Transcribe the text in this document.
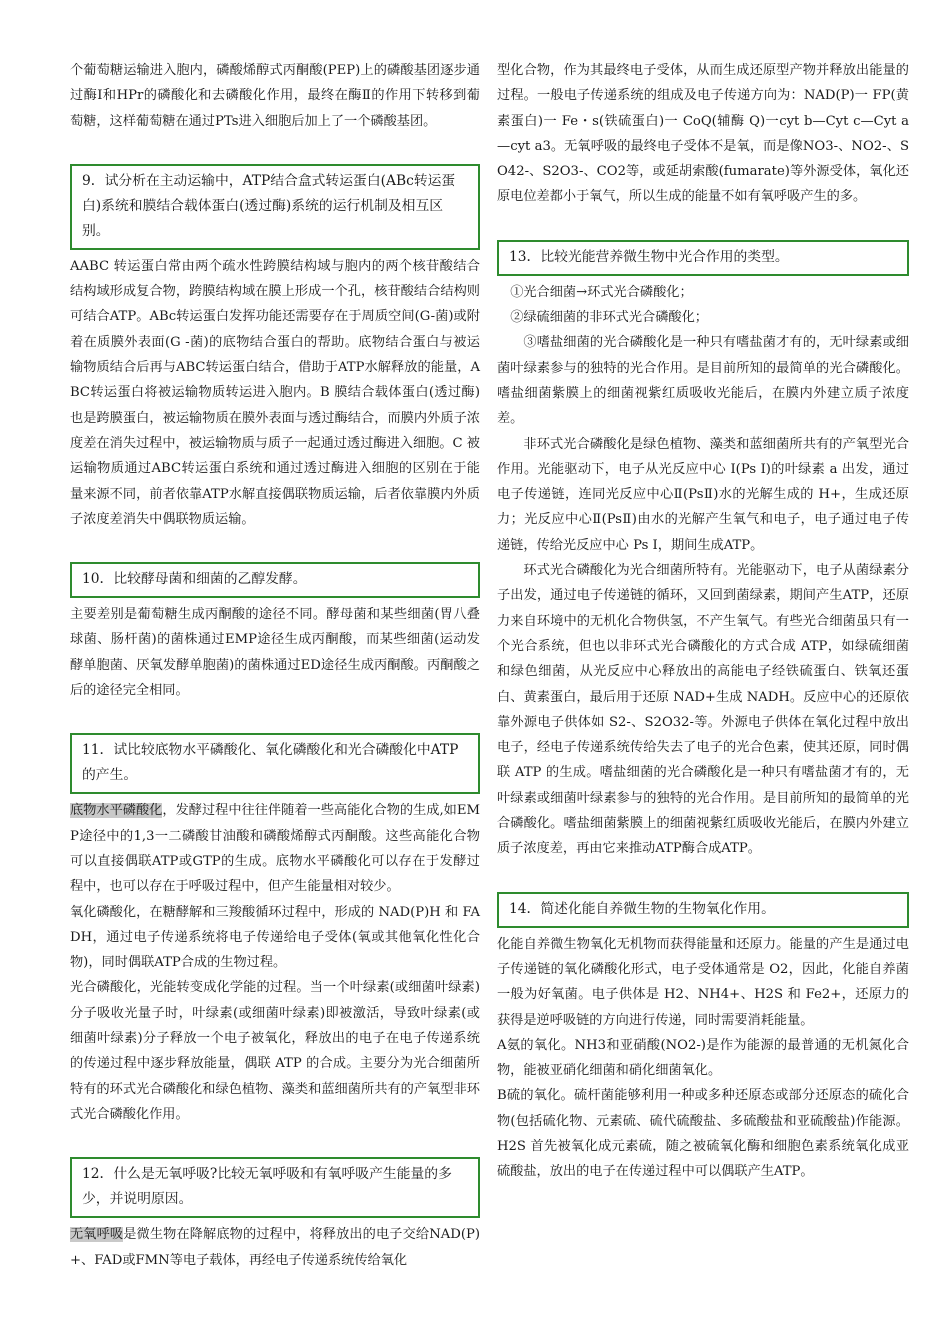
个葡萄糖运输进入胞内，磷酸烯醇式丙酮酸(PEP)上的磷酸基团逐步通过酶Ⅰ和HPr的磷酸化和去磷酸化作用，最终在酶Ⅱ的作用下转移到葡萄糖，这样葡萄糖在通过PTs进入细胞后加上了一个磷酸基团。

9．试分析在主动运输中，ATP结合盒式转运蛋白(ABc转运蛋白)系统和膜结合载体蛋白(透过酶)系统的运行机制及相互区别。

AABC 转运蛋白常由两个疏水性跨膜结构域与胞内的两个核苷酸结合结构域形成复合物，跨膜结构域在膜上形成一个孔，核苷酸结合结构则可结合ATP。ABc转运蛋白发挥功能还需要存在于周质空间(G-菌)或附着在质膜外表面(G -菌)的底物结合蛋白的帮助。底物结合蛋白与被运输物质结合后再与ABC转运蛋白结合，借助于ATP水解释放的能量，ABC转运蛋白将被运输物质转运进入胞内。B 膜结合载体蛋白(透过酶)也是跨膜蛋白，被运输物质在膜外表面与透过酶结合，而膜内外质子浓度差在消失过程中，被运输物质与质子一起通过透过酶进入细胞。C 被运输物质通过ABC转运蛋白系统和通过透过酶进入细胞的区别在于能量来源不同，前者依靠ATP水解直接偶联物质运输，后者依靠膜内外质子浓度差消失中偶联物质运输。

10．比较酵母菌和细菌的乙醇发酵。

主要差别是葡萄糖生成丙酮酸的途径不同。酵母菌和某些细菌(胃八叠球菌、肠杆菌)的菌株通过EMP途径生成丙酮酸，而某些细菌(运动发酵单胞菌、厌氧发酵单胞菌)的菌株通过ED途径生成丙酮酸。丙酮酸之后的途径完全相同。

11．试比较底物水平磷酸化、氧化磷酸化和光合磷酸化中ATP的产生。

底物水平磷酸化，发酵过程中往往伴随着一些高能化合物的生成,如EMP途径中的1,3一二磷酸甘油酸和磷酸烯醇式丙酮酸。这些高能化合物可以直接偶联ATP或GTP的生成。底物水平磷酸化可以存在于发酵过程中，也可以存在于呼吸过程中，但产生能量相对较少。

氧化磷酸化，在糖酵解和三羧酸循环过程中，形成的 NAD(P)H 和 FADH，通过电子传递系统将电子传递给电子受体(氧或其他氧化性化合物)，同时偶联ATP合成的生物过程。

光合磷酸化，光能转变成化学能的过程。当一个叶绿素(或细菌叶绿素)分子吸收光量子时，叶绿素(或细菌叶绿素)即被激活，导致叶绿素(或细菌叶绿素)分子释放一个电子被氧化，释放出的电子在电子传递系统的传递过程中逐步释放能量，偶联 ATP 的合成。主要分为光合细菌所特有的环式光合磷酸化和绿色植物、藻类和蓝细菌所共有的产氧型非环式光合磷酸化作用。

12．什么是无氧呼吸?比较无氧呼吸和有氧呼吸产生能量的多少，并说明原因。

无氧呼吸是微生物在降解底物的过程中，将释放出的电子交给NAD(P)+、FAD或FMN等电子载体，再经电子传递系统传给氧化

型化合物，作为其最终电子受体，从而生成还原型产物并释放出能量的过程。一般电子传递系统的组成及电子传递方向为：NAD(P)一 FP(黄素蛋白)一 Fe・s(铁硫蛋白)一 CoQ(辅酶 Q)一cyt b—Cyt c—Cyt a—cyt a3。无氧呼吸的最终电子受体不是氧，而是像NO3-、NO2-、SO42-、S2O3-、CO2等，或延胡索酸(fumarate)等外源受体，氧化还原电位差都小于氧气，所以生成的能量不如有氧呼吸产生的多。

13．比较光能营养微生物中光合作用的类型。

①光合细菌→环式光合磷酸化；

②绿硫细菌的非环式光合磷酸化；

③嗜盐细菌的光合磷酸化是一种只有嗜盐菌才有的，无叶绿素或细菌叶绿素参与的独特的光合作用。是目前所知的最简单的光合磷酸化。嗜盐细菌紫膜上的细菌视紫红质吸收光能后，在膜内外建立质子浓度差。

非环式光合磷酸化是绿色植物、藻类和蓝细菌所共有的产氧型光合作用。光能驱动下，电子从光反应中心 I(Ps I)的叶绿素 a 出发，通过电子传递链，连同光反应中心Ⅱ(PsⅡ)水的光解生成的 H+，生成还原力；光反应中心Ⅱ(PsⅡ)由水的光解产生氧气和电子，电子通过电子传递链，传给光反应中心 Ps I，期间生成ATP。

环式光合磷酸化为光合细菌所特有。光能驱动下，电子从菌绿素分子出发，通过电子传递链的循环，又回到菌绿素，期间产生ATP，还原力来自环境中的无机化合物供氢，不产生氧气。有些光合细菌虽只有一个光合系统，但也以非环式光合磷酸化的方式合成 ATP，如绿硫细菌和绿色细菌，从光反应中心释放出的高能电子经铁硫蛋白、铁氧还蛋白、黄素蛋白，最后用于还原 NAD+生成 NADH。反应中心的还原依靠外源电子供体如 S2-、S2O32-等。外源电子供体在氧化过程中放出电子，经电子传递系统传给失去了电子的光合色素，使其还原，同时偶联 ATP 的生成。嗜盐细菌的光合磷酸化是一种只有嗜盐菌才有的，无叶绿素或细菌叶绿素参与的独特的光合作用。是目前所知的最简单的光合磷酸化。嗜盐细菌紫膜上的细菌视紫红质吸收光能后，在膜内外建立质子浓度差，再由它来推动ATP酶合成ATP。

14．简述化能自养微生物的生物氧化作用。

化能自养微生物氧化无机物而获得能量和还原力。能量的产生是通过电子传递链的氧化磷酸化形式，电子受体通常是 O2，因此，化能自养菌一般为好氧菌。电子供体是 H2、NH4+、H2S 和 Fe2+，还原力的获得是逆呼吸链的方向进行传递，同时需要消耗能量。

A氨的氧化。NH3和亚硝酸(NO2-)是作为能源的最普通的无机氮化合物，能被亚硝化细菌和硝化细菌氧化。

B硫的氧化。硫杆菌能够利用一种或多种还原态或部分还原态的硫化合物(包括硫化物、元素硫、硫代硫酸盐、多硫酸盐和亚硫酸盐)作能源。H2S 首先被氧化成元素硫，随之被硫氧化酶和细胞色素系统氧化成亚硫酸盐，放出的电子在传递过程中可以偶联产生ATP。
